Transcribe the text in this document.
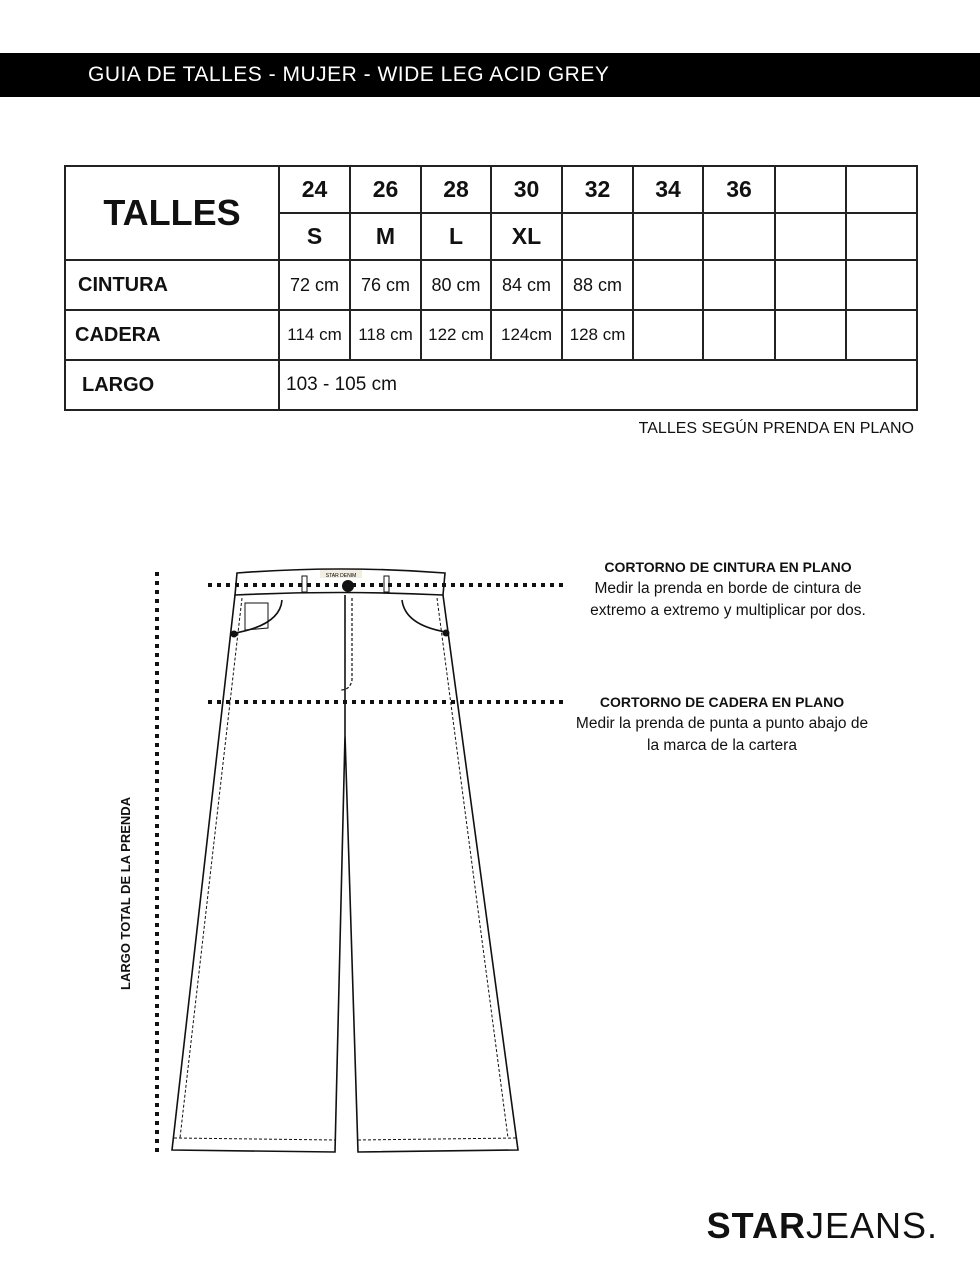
GUIA DE TALLES - MUJER - WIDE LEG ACID GREY
TALLES	24	26	28	30	32	34	36		
	S	M	L	XL					
CINTURA	72 cm	76 cm	80 cm	84 cm	88 cm				
CADERA	114 cm	118 cm	122 cm	124cm	128 cm				
LARGO	103 - 105 cm								
TALLES SEGÚN PRENDA EN PLANO
STAR DENIM
CORTORNO DE CINTURA EN PLANO
Medir la prenda en borde de cintura de extremo a extremo y multiplicar por dos.
CORTORNO DE CADERA EN PLANO
Medir la prenda de punta a punto abajo de la marca de la cartera
LARGO TOTAL DE LA PRENDA
STARJEANS.
